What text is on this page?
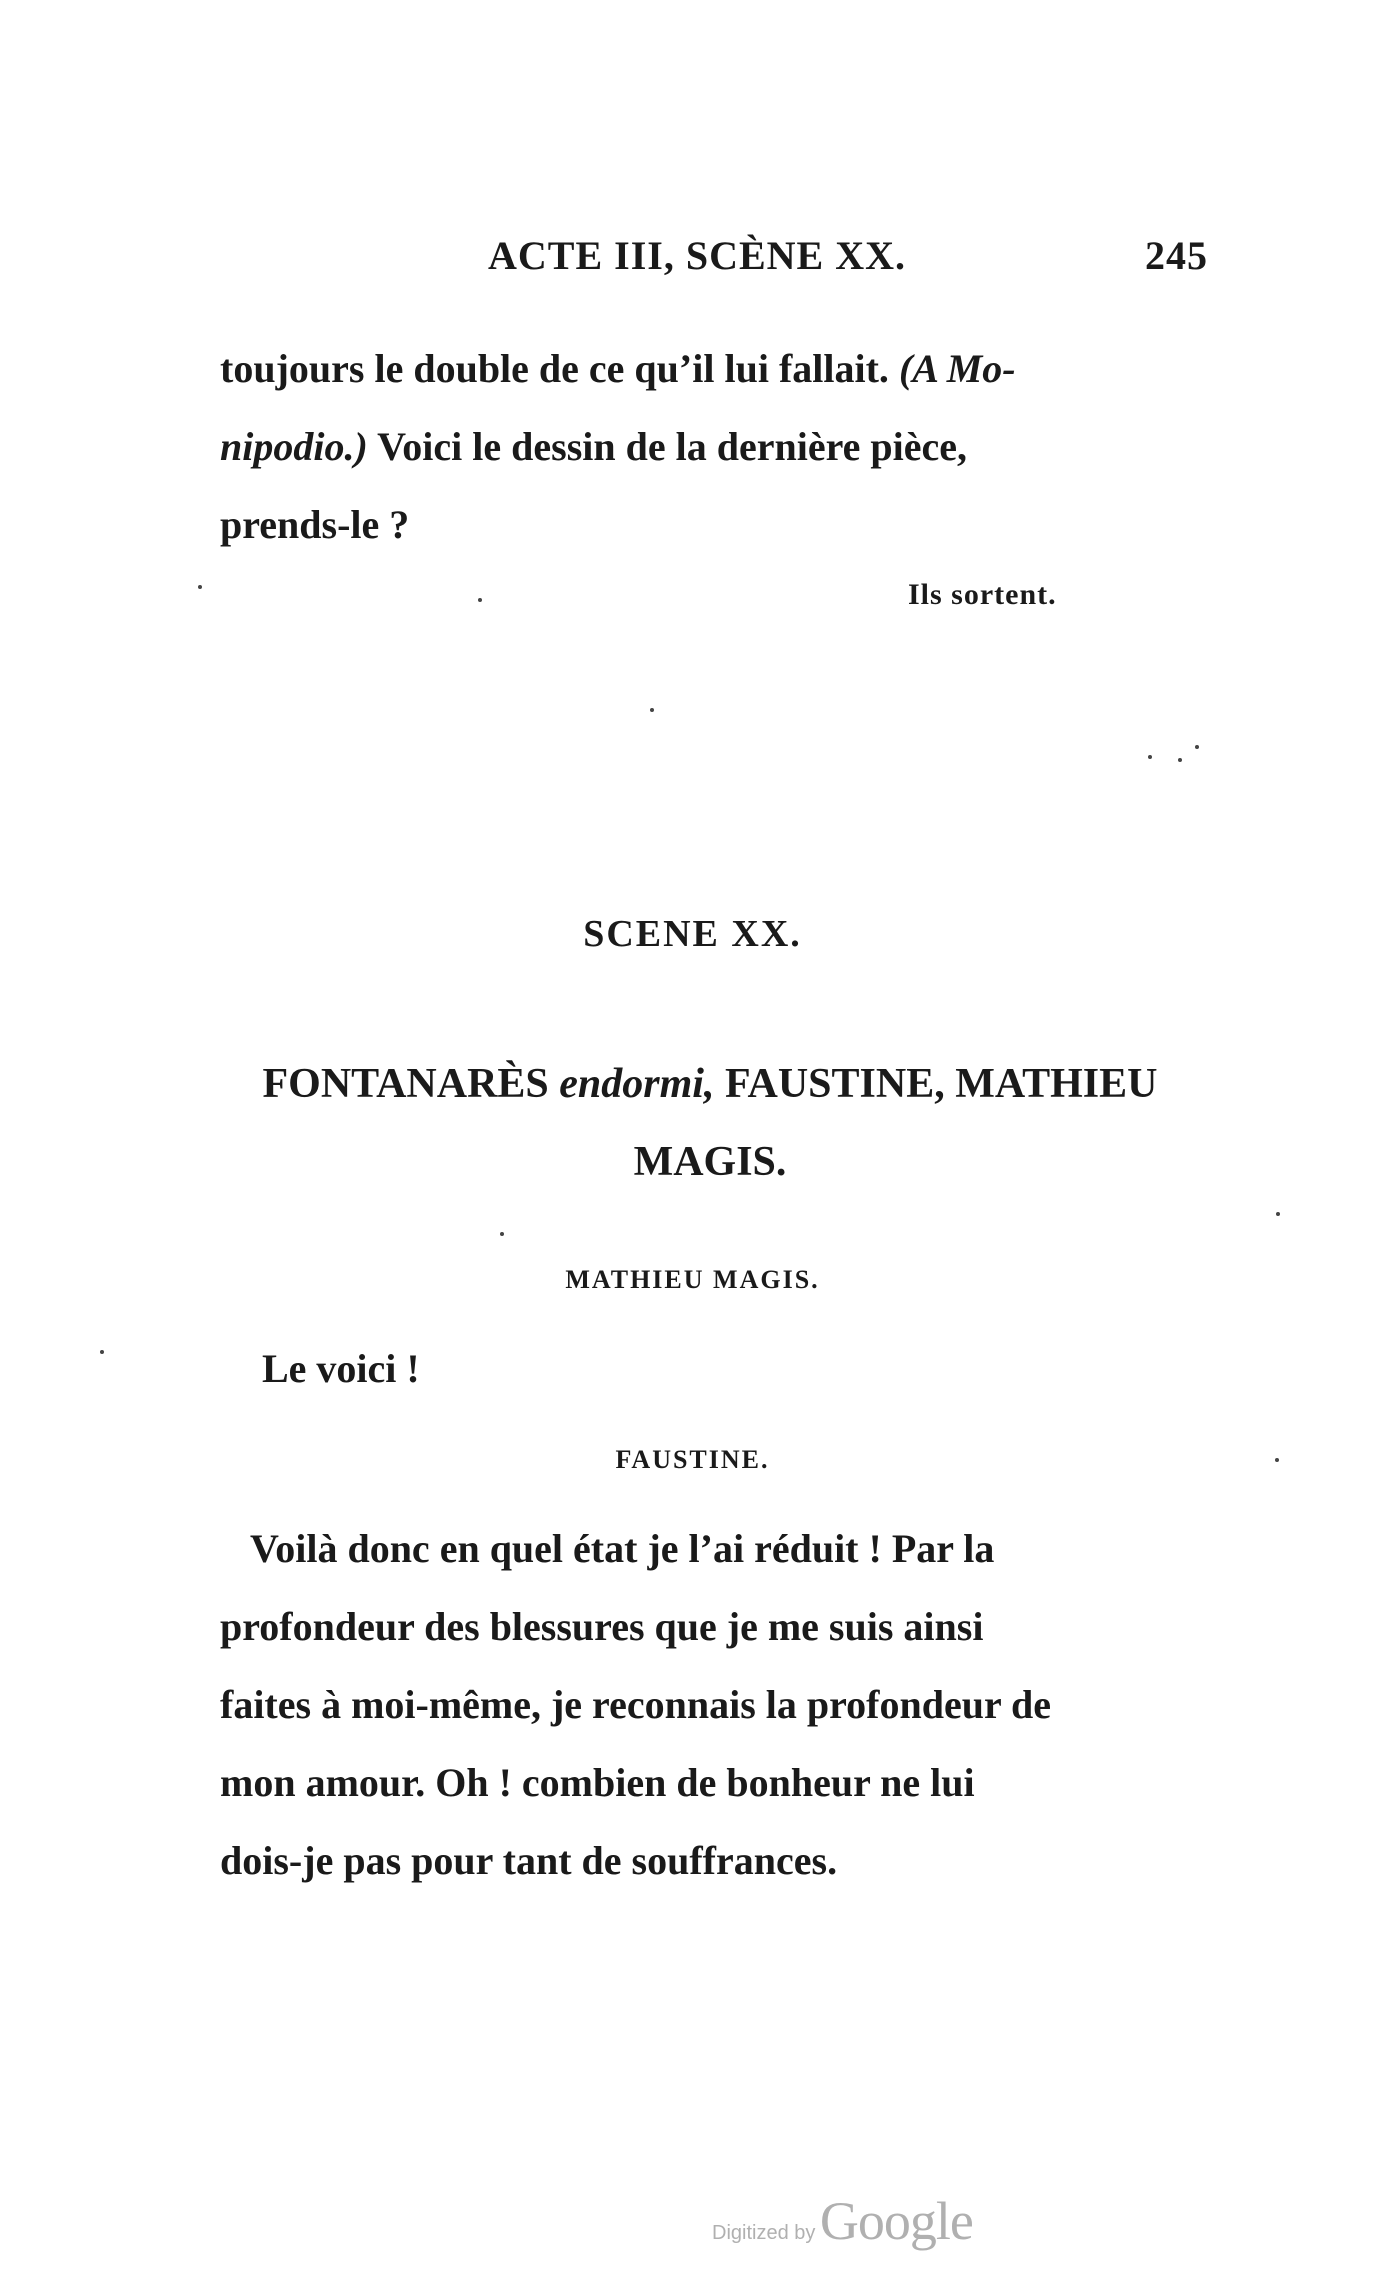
ACTE III, SCÈNE XX.	245
toujours le double de ce qu’il lui fallait. (A Mo-
nipodio.) Voici le dessin de la dernière pièce,
prends-le ?
Ils sortent.
SCENE XX.
FONTANARÈS endormi, FAUSTINE, MATHIEU
MAGIS.
MATHIEU MAGIS.
Le voici !
FAUSTINE.
Voilà donc en quel état je l’ai réduit ! Par la
profondeur des blessures que je me suis ainsi
faites à moi-même, je reconnais la profondeur de
mon amour. Oh ! combien de bonheur ne lui
dois-je pas pour tant de souffrances.
Digitized by Google
